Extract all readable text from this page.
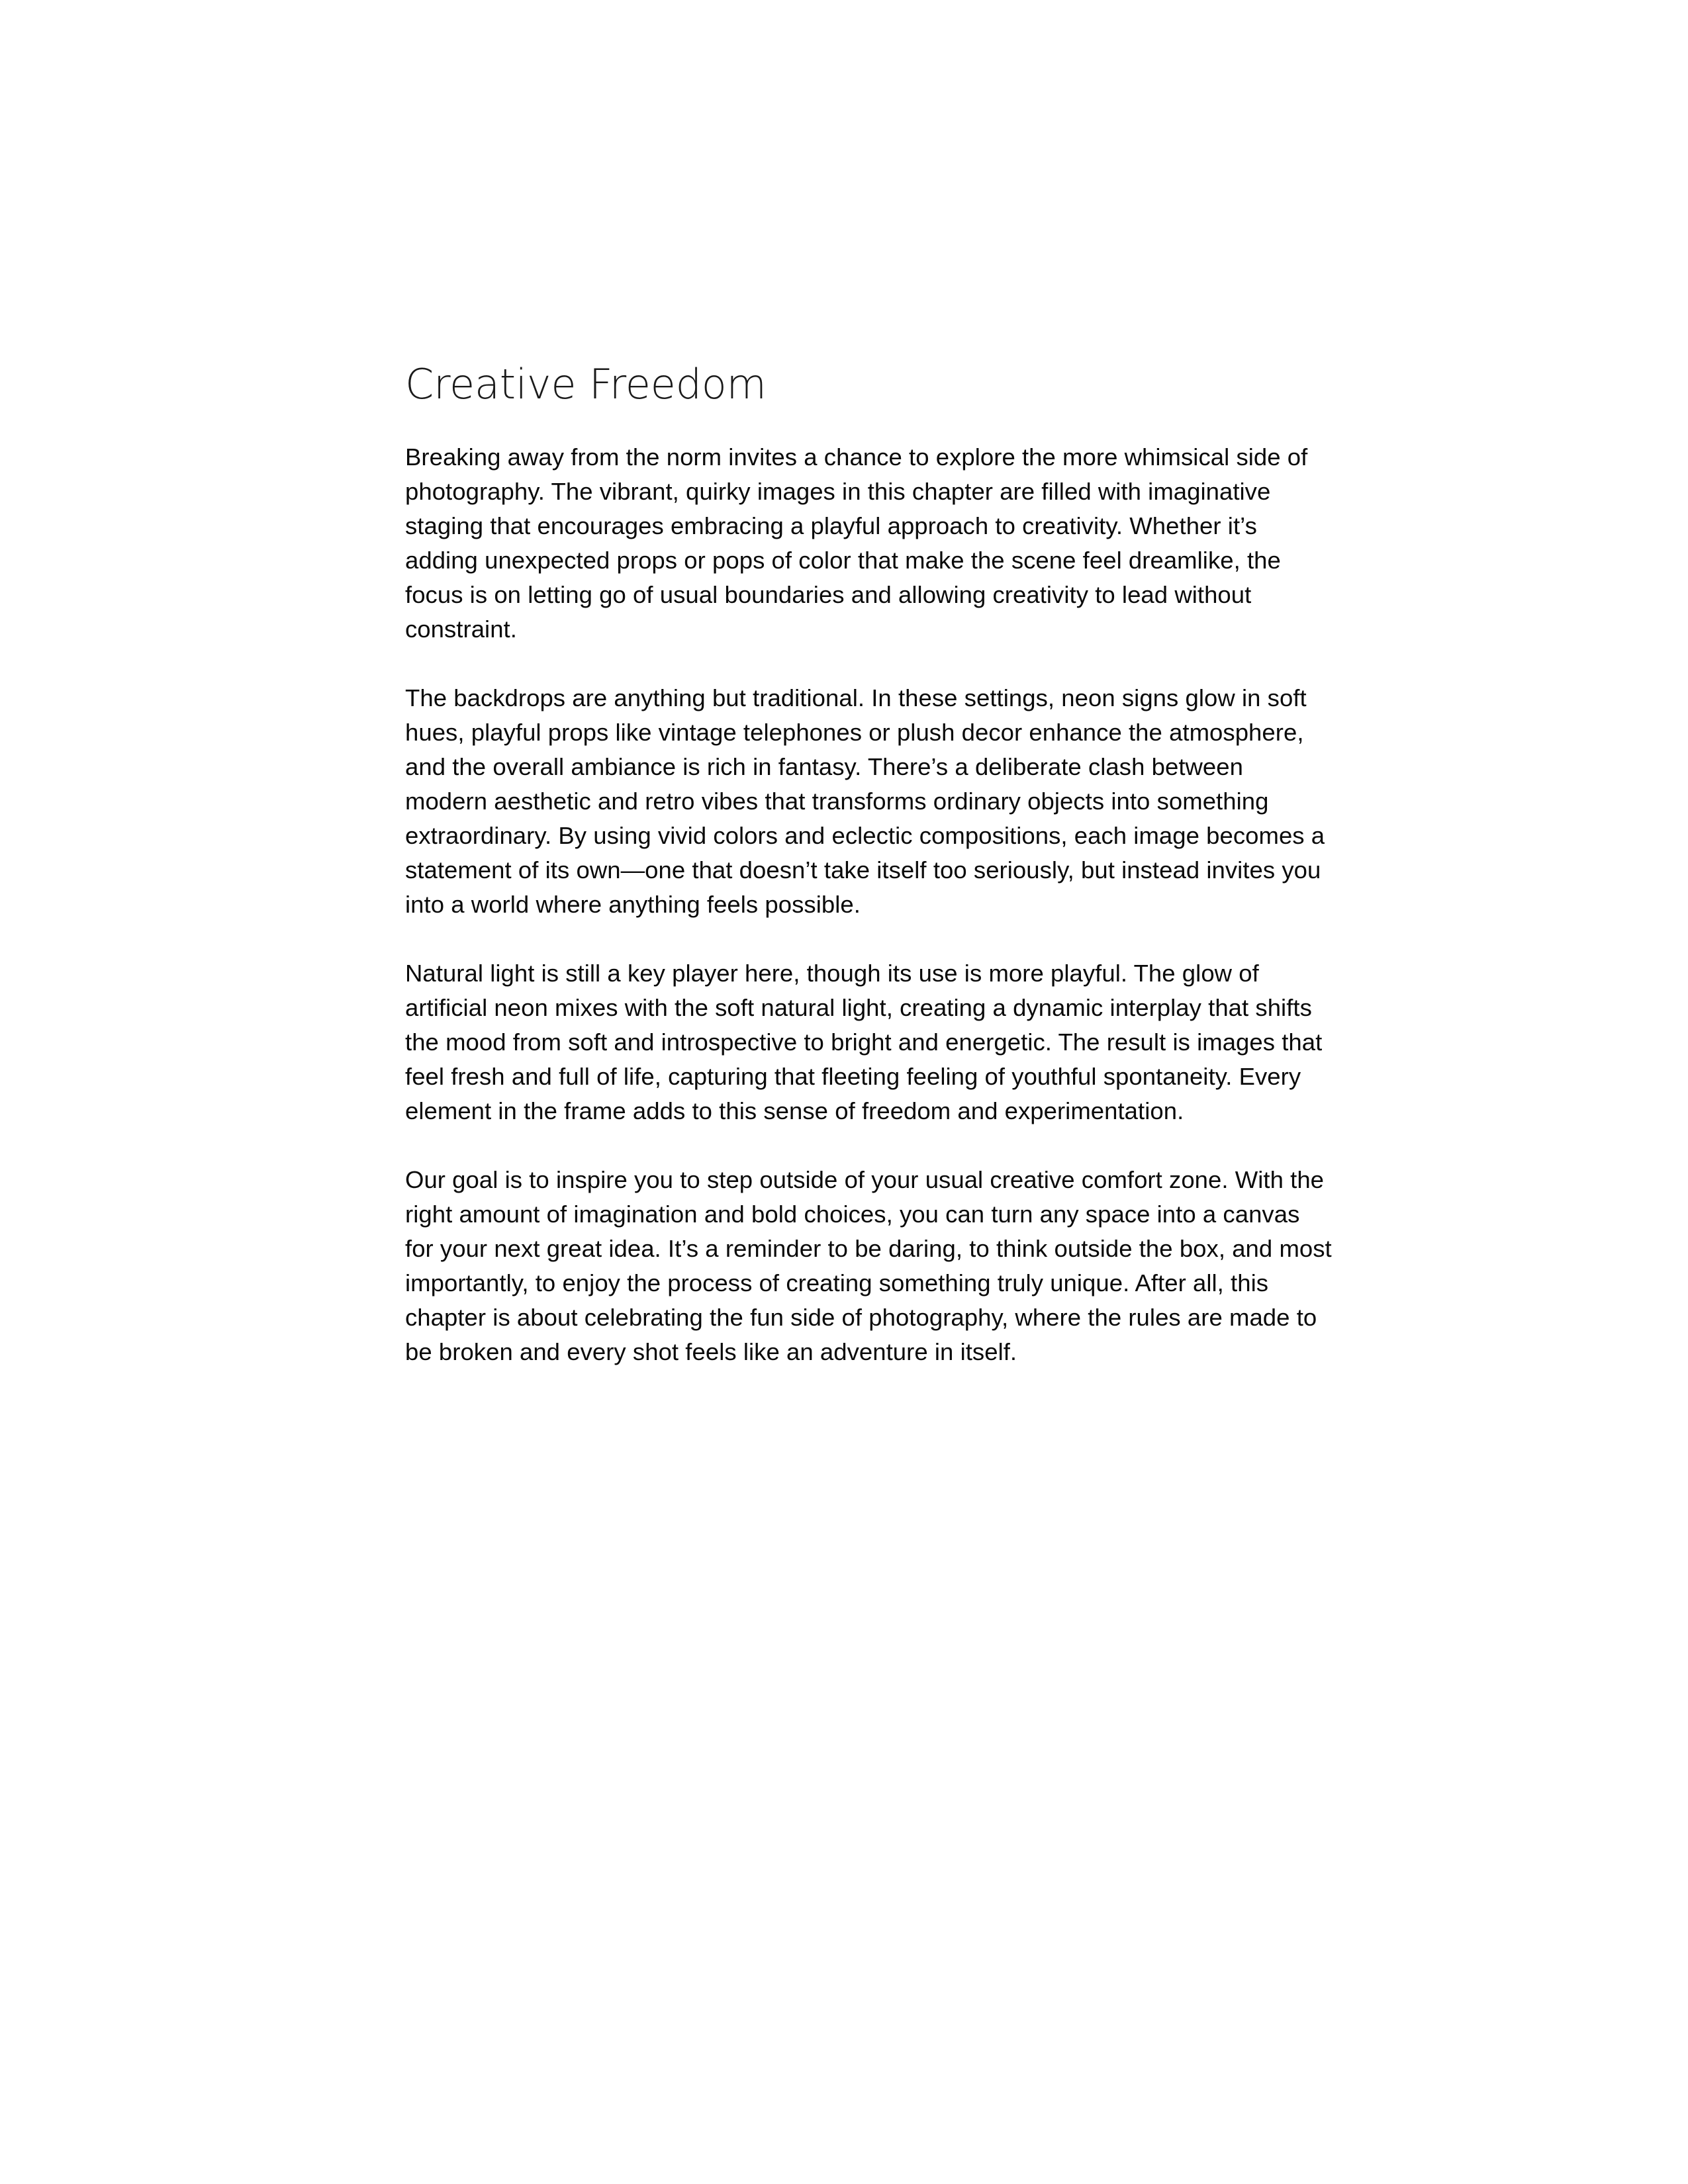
Creative Freedom

Breaking away from the norm invites a chance to explore the more whimsical side of photography. The vibrant, quirky images in this chapter are filled with imaginative staging that encourages embracing a playful approach to creativity. Whether it’s adding unexpected props or pops of color that make the scene feel dreamlike, the focus is on letting go of usual boundaries and allowing creativity to lead without constraint.

The backdrops are anything but traditional. In these settings, neon signs glow in soft hues, playful props like vintage telephones or plush decor enhance the atmosphere, and the overall ambiance is rich in fantasy. There’s a deliberate clash between modern aesthetic and retro vibes that transforms ordinary objects into something extraordinary. By using vivid colors and eclectic compositions, each image becomes a statement of its own—one that doesn’t take itself too seriously, but instead invites you into a world where anything feels possible.

Natural light is still a key player here, though its use is more playful. The glow of artificial neon mixes with the soft natural light, creating a dynamic interplay that shifts the mood from soft and introspective to bright and energetic. The result is images that feel fresh and full of life, capturing that fleeting feeling of youthful spontaneity. Every element in the frame adds to this sense of freedom and experimentation.

Our goal is to inspire you to step outside of your usual creative comfort zone. With the right amount of imagination and bold choices, you can turn any space into a canvas for your next great idea. It’s a reminder to be daring, to think outside the box, and most importantly, to enjoy the process of creating something truly unique. After all, this chapter is about celebrating the fun side of photography, where the rules are made to be broken and every shot feels like an adventure in itself.
